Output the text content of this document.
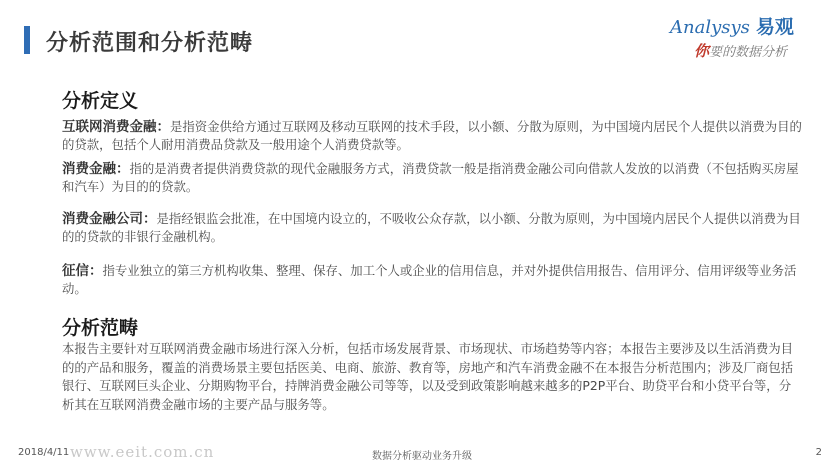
分析范围和分析范畴
Analysys 易观
你要的数据分析
分析定义
互联网消费金融：是指资金供给方通过互联网及移动互联网的技术手段，以小额、分散为原则，为中国境内居民个人提供以消费为目的的贷款，包括个人耐用消费品贷款及一般用途个人消费贷款等。
消费金融：指的是消费者提供消费贷款的现代金融服务方式，消费贷款一般是指消费金融公司向借款人发放的以消费（不包括购买房屋和汽车）为目的的贷款。
消费金融公司：是指经银监会批准，在中国境内设立的，不吸收公众存款，以小额、分散为原则，为中国境内居民个人提供以消费为目的的贷款的非银行金融机构。
征信：指专业独立的第三方机构收集、整理、保存、加工个人或企业的信用信息，并对外提供信用报告、信用评分、信用评级等业务活动。
分析范畴
本报告主要针对互联网消费金融市场进行深入分析，包括市场发展背景、市场现状、市场趋势等内容；本报告主要涉及以生活消费为目的的产品和服务，覆盖的消费场景主要包括医美、电商、旅游、教育等，房地产和汽车消费金融不在本报告分析范围内；涉及厂商包括银行、互联网巨头企业、分期购物平台，持牌消费金融公司等等，以及受到政策影响越来越多的P2P平台、助贷平台和小贷平台等，分析其在互联网消费金融市场的主要产品与服务等。
2018/4/11 www.eeit.com.cn	数据分析驱动业务升级	2
